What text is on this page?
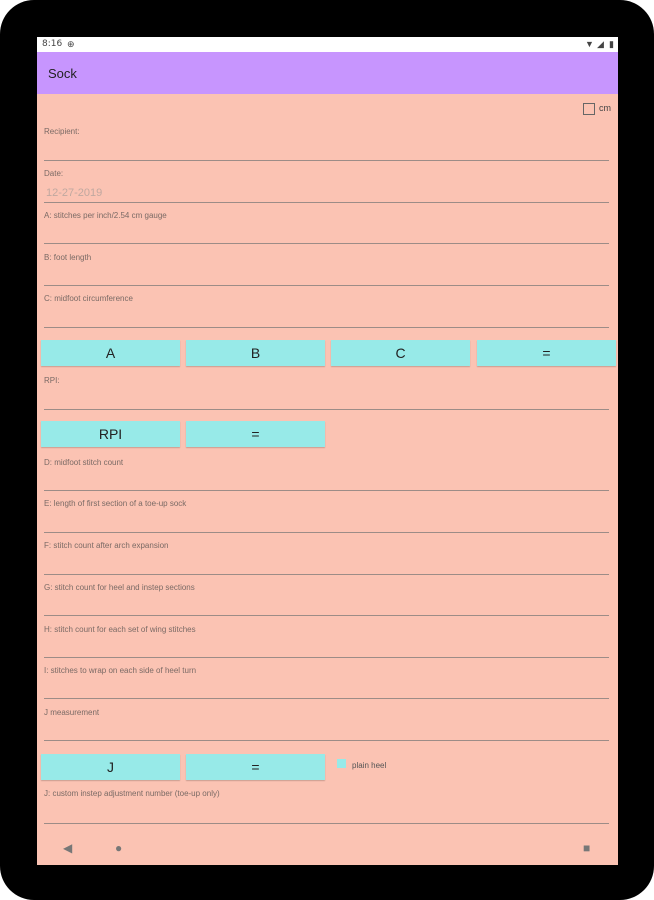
8:16 ⊕	▼ ◢ ▮
Sock
cm
Recipient:
Date:
12-27-2019
A: stitches per inch/2.54 cm gauge
B: foot length
C: midfoot circumference
A	B	C	=
RPI:
RPI	=
D: midfoot stitch count
E: length of first section of a toe-up sock
F: stitch count after arch expansion
G: stitch count for heel and instep sections
H: stitch count for each set of wing stitches
I: stitches to wrap on each side of heel turn
J measurement
J	=	plain heel
J: custom instep adjustment number (toe-up only)
◀	●	■
